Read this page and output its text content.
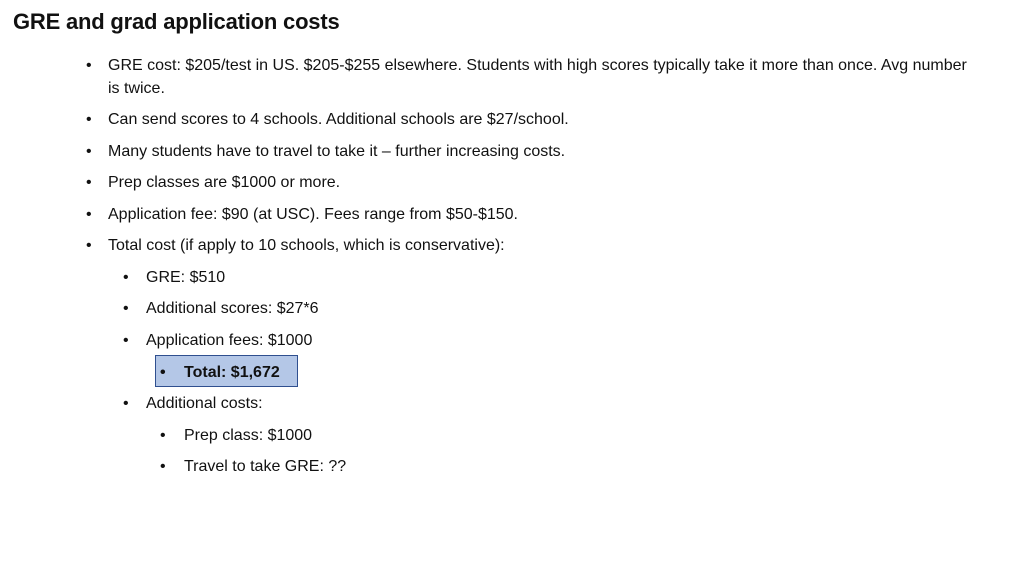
GRE and grad application costs
• GRE cost: $205/test in US. $205-$255 elsewhere. Students with high scores typically take it more than once. Avg number is twice.
• Can send scores to 4 schools. Additional schools are $27/school.
• Many students have to travel to take it – further increasing costs.
• Prep classes are $1000 or more.
• Application fee: $90 (at USC). Fees range from $50-$150.
• Total cost (if apply to 10 schools, which is conservative):
• GRE: $510
• Additional scores: $27*6
• Application fees: $1000
• Total: $1,672
• Additional costs:
• Prep class: $1000
• Travel to take GRE: ??
